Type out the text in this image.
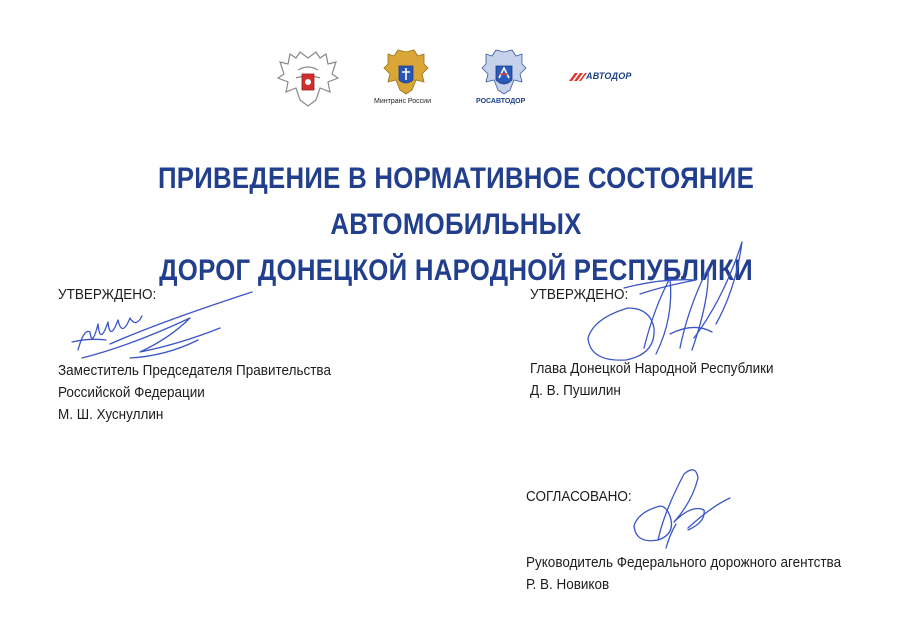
Минтранс России	РОСАВТОДОР
АВТОДОР
ПРИВЕДЕНИЕ В НОРМАТИВНОЕ СОСТОЯНИЕ АВТОМОБИЛЬНЫХ
ДОРОГ ДОНЕЦКОЙ НАРОДНОЙ РЕСПУБЛИКИ
УТВЕРЖДЕНО:
Заместитель Председателя Правительства
Российской Федерации
М. Ш. Хуснуллин
УТВЕРЖДЕНО:
Глава Донецкой Народной Республики
Д. В. Пушилин
СОГЛАСОВАНО:
Руководитель Федерального дорожного агентства
Р. В. Новиков
